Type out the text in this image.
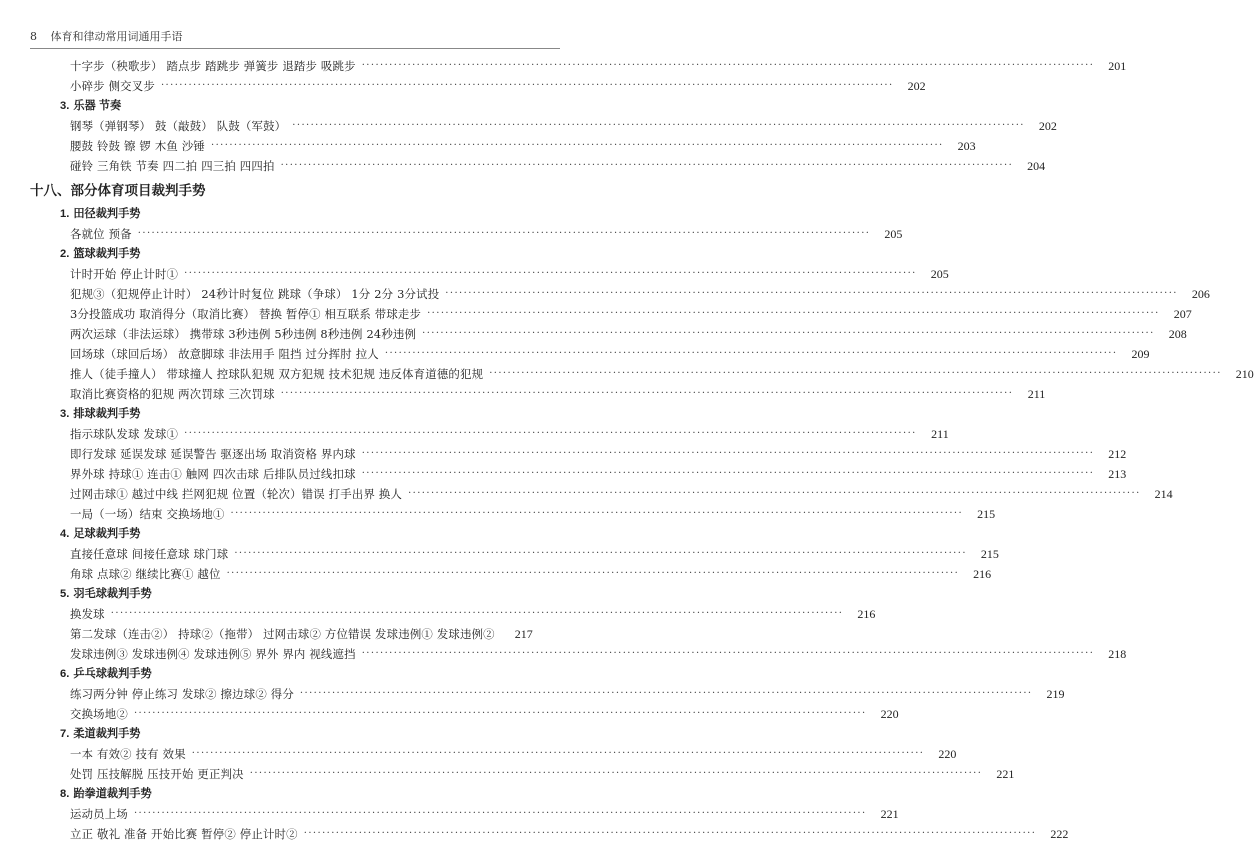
8 体育和律动常用词通用手语
十字步（秧歌步） 踏点步 踏跳步 弹簧步 退踏步 吸跳步 ································································································································································	201
小碎步 侧交叉步 ································································································································································	202
3. 乐器 节奏
钢琴（弹钢琴） 鼓（敲鼓） 队鼓（军鼓） ································································································································································	202
腰鼓 铃鼓 镲 锣 木鱼 沙锤 ································································································································································	203
碰铃 三角铁 节奏 四二拍 四三拍 四四拍 ································································································································································	204
十八、部分体育项目裁判手势
1. 田径裁判手势
各就位 预备 ································································································································································	205
2. 篮球裁判手势
计时开始 停止计时① ································································································································································	205
犯规③（犯规停止计时） 24秒计时复位 跳球（争球） 1分 2分 3分试投 ································································································································································	206
3分投篮成功 取消得分（取消比赛） 替换 暂停① 相互联系 带球走步 ································································································································································	207
两次运球（非法运球） 携带球 3秒违例 5秒违例 8秒违例 24秒违例 ································································································································································	208
回场球（球回后场） 故意脚球 非法用手 阻挡 过分挥肘 拉人 ································································································································································	209
推人（徒手撞人） 带球撞人 控球队犯规 双方犯规 技术犯规 违反体育道德的犯规 ································································································································································	210
取消比赛资格的犯规 两次罚球 三次罚球 ································································································································································	211
3. 排球裁判手势
指示球队发球 发球① ································································································································································	211
即行发球 延误发球 延误警告 驱逐出场 取消资格 界内球 ································································································································································	212
界外球 持球① 连击① 触网 四次击球 后排队员过线扣球 ································································································································································	213
过网击球① 越过中线 拦网犯规 位置（轮次）错误 打手出界 换人 ································································································································································	214
一局（一场）结束 交换场地① ································································································································································	215
4. 足球裁判手势
直接任意球 间接任意球 球门球 ································································································································································	215
角球 点球② 继续比赛① 越位 ································································································································································	216
5. 羽毛球裁判手势
换发球 ································································································································································	216
第二发球（连击②） 持球②（拖带） 过网击球② 方位错误 发球违例① 发球违例②	217
发球违例③ 发球违例④ 发球违例⑤ 界外 界内 视线遮挡 ································································································································································	218
6. 乒乓球裁判手势
练习两分钟 停止练习 发球② 擦边球② 得分 ································································································································································	219
交换场地② ································································································································································	220
7. 柔道裁判手势
一本 有效② 技有 效果 ································································································································································	220
处罚 压技解脱 压技开始 更正判决 ································································································································································	221
8. 跆拳道裁判手势
运动员上场 ································································································································································	221
立正 敬礼 准备 开始比赛 暂停② 停止计时② ································································································································································	222
